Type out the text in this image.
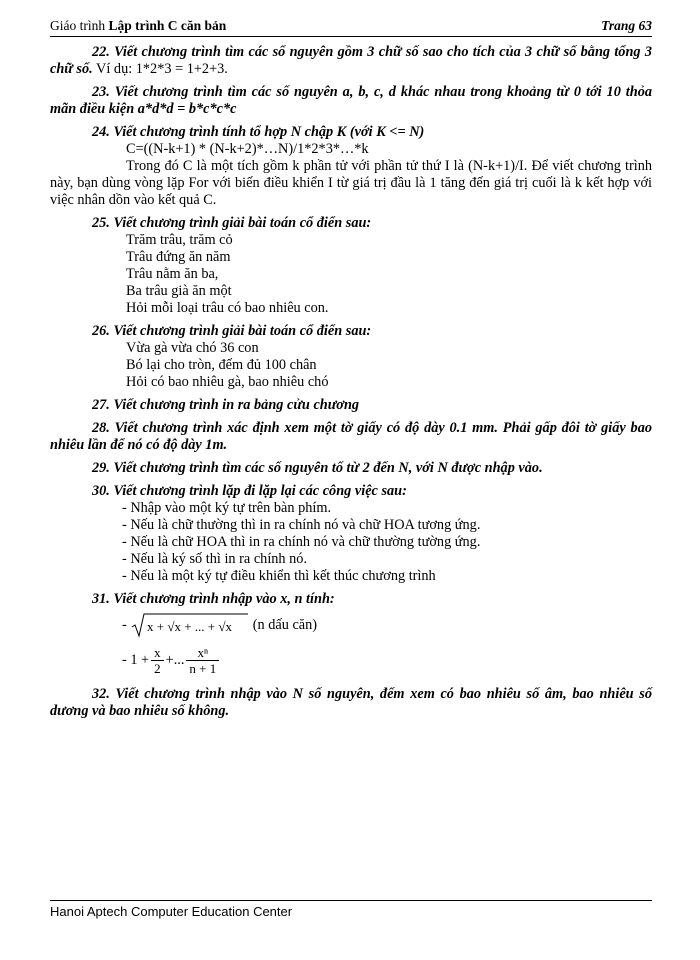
Giáo trình Lập trình C căn bản	Trang 63

22. Viết chương trình tìm các số nguyên gồm 3 chữ số sao cho tích của 3 chữ số bằng tổng 3 chữ số. Ví dụ: 1*2*3 = 1+2+3.

23. Viết chương trình tìm các số nguyên a, b, c, d khác nhau trong khoảng từ 0 tới 10 thỏa mãn điều kiện a*d*d = b*c*c*c

24. Viết chương trình tính tổ hợp N chập K (với K <= N)

C=((N-k+1) * (N-k+2)*…N)/1*2*3*…*k

Trong đó C là một tích gồm k phần tử với phần tử thứ I là (N-k+1)/I. Để viết chương trình này, bạn dùng vòng lặp For với biến điều khiển I từ giá trị đầu là 1 tăng đến giá trị cuối là k kết hợp với việc nhân dồn vào kết quả C.

25. Viết chương trình giải bài toán cổ điển sau:

Trăm trâu, trăm cỏ

Trâu đứng ăn năm

Trâu nằm ăn ba,

Ba trâu già ăn một

Hỏi mỗi loại trâu có bao nhiêu con.

26. Viết chương trình giải bài toán cổ điển sau:

Vừa gà vừa chó 36 con

Bó lại cho tròn, đếm đủ 100 chân

Hỏi có bao nhiêu gà, bao nhiêu chó

27. Viết chương trình in ra bảng cửu chương

28. Viết chương trình xác định xem một tờ giấy có độ dày 0.1 mm. Phải gấp đôi tờ giấy bao nhiêu lần để nó có độ dày 1m.

29. Viết chương trình tìm các số nguyên tố từ 2 đến N, với N được nhập vào.

30. Viết chương trình lặp đi lặp lại các công việc sau:

- Nhập vào một ký tự trên bàn phím.

- Nếu là chữ thường thì in ra chính nó và chữ HOA tương ứng.

- Nếu là chữ HOA thì in ra chính nó và chữ thường tường ứng.

- Nếu là ký số thì in ra chính nó.

- Nếu là một ký tự điều khiển thì kết thúc chương trình

31. Viết chương trình nhập vào x, n tính:

- x + √x + ... + √x (n dấu căn)
- $1 + \frac{x}{2}$ +... $\frac{\text{xⁿ}}{n + 1}$

32. Viết chương trình nhập vào N số nguyên, đếm xem có bao nhiêu số âm, bao nhiêu số dương và bao nhiêu số không.

Hanoi Aptech Computer Education Center
